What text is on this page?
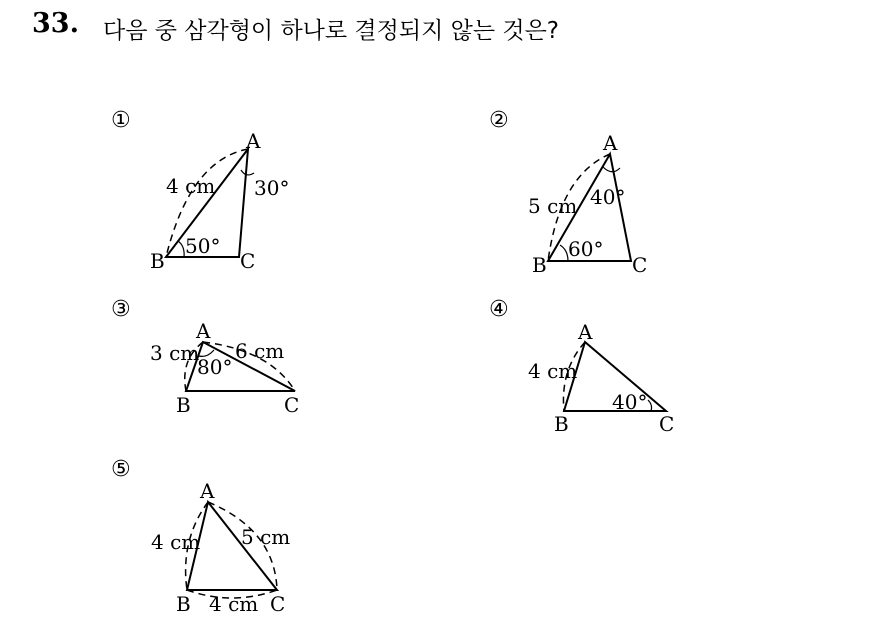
33. 다음 중 삼각형이 하나로 결정되지 않는 것은?
①	②
③	④
⑤
A
B	C
4 cm 30°
50°
A
B	C
5 cm 40°
60°
A
B	C
3 cm 6 cm
80°
A
B	C
4 cm
40°
A
B	C
4 cm 5 cm
4 cm
